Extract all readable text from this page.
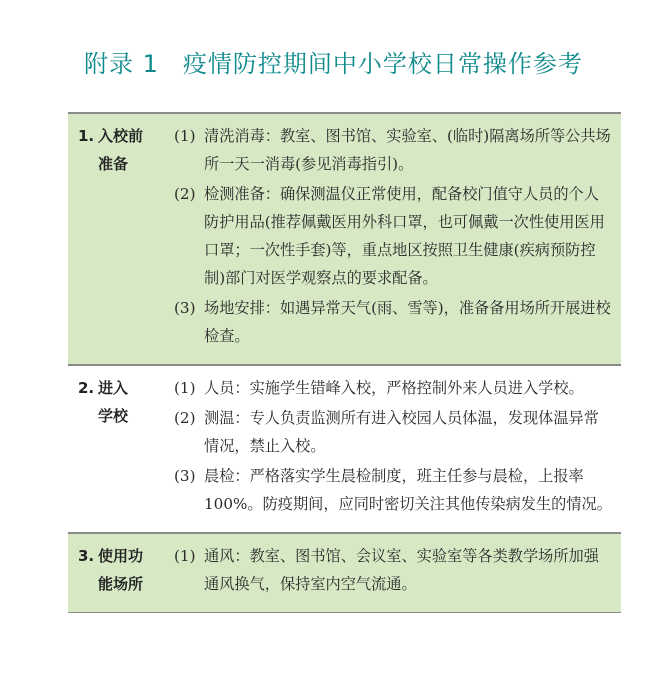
附录 1 疫情防控期间中小学校日常操作参考
1. 入校前
准备
(1) 清洗消毒：教室、图书馆、实验室、(临时)隔离场所等公共场所一天一消毒(参见消毒指引)。
(2) 检测准备：确保测温仪正常使用，配备校门值守人员的个人防护用品(推荐佩戴医用外科口罩，也可佩戴一次性使用医用口罩；一次性手套)等，重点地区按照卫生健康(疾病预防控制)部门对医学观察点的要求配备。
(3) 场地安排：如遇异常天气(雨、雪等)，准备备用场所开展进校检查。
2. 进入
学校
(1) 人员：实施学生错峰入校，严格控制外来人员进入学校。
(2) 测温：专人负责监测所有进入校园人员体温，发现体温异常情况，禁止入校。
(3) 晨检：严格落实学生晨检制度，班主任参与晨检，上报率 100%。防疫期间，应同时密切关注其他传染病发生的情况。
3. 使用功
能场所
(1) 通风：教室、图书馆、会议室、实验室等各类教学场所加强通风换气，保持室内空气流通。
